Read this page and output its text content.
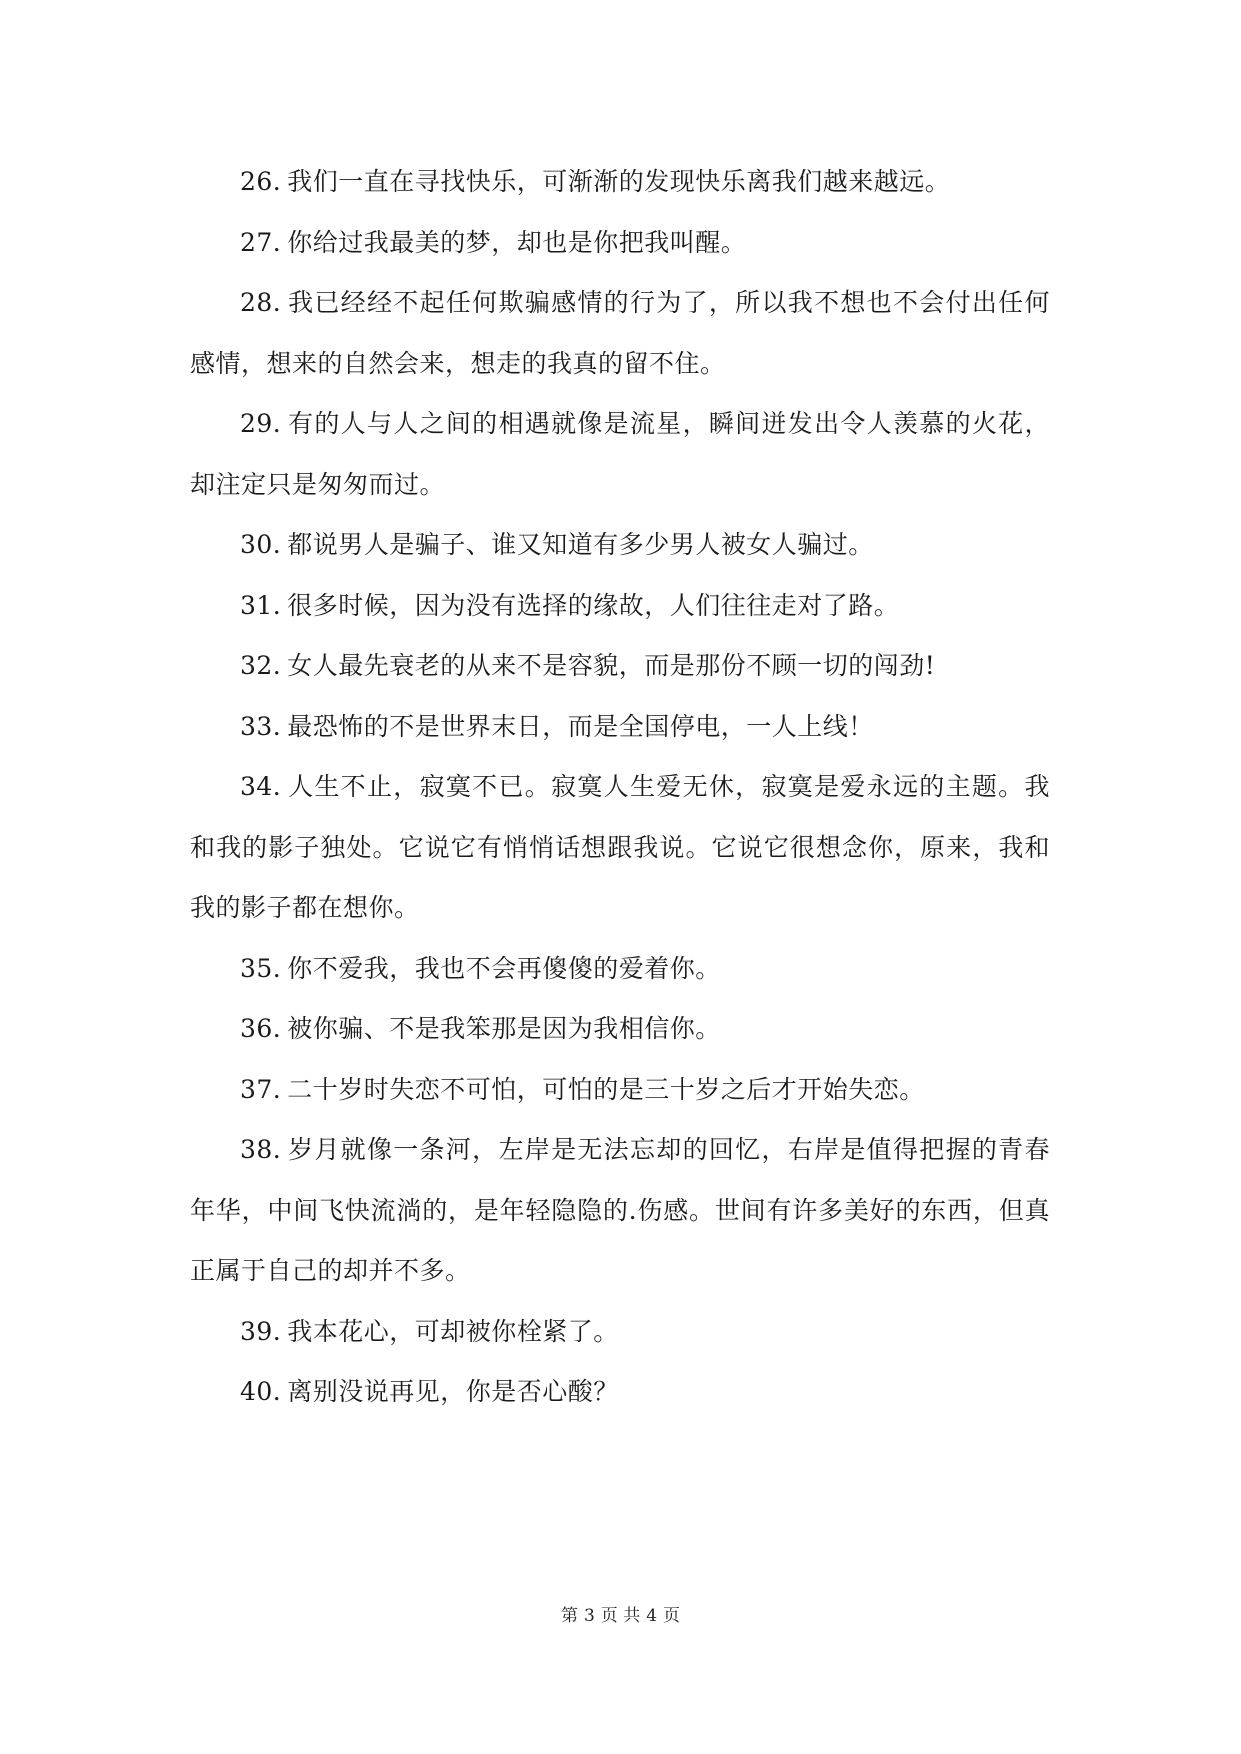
26. 我们一直在寻找快乐，可渐渐的发现快乐离我们越来越远。

27. 你给过我最美的梦，却也是你把我叫醒。

28. 我已经经不起任何欺骗感情的行为了，所以我不想也不会付出任何感情，想来的自然会来，想走的我真的留不住。

29. 有的人与人之间的相遇就像是流星，瞬间迸发出令人羡慕的火花，却注定只是匆匆而过。

30. 都说男人是骗子、谁又知道有多少男人被女人骗过。

31. 很多时候，因为没有选择的缘故，人们往往走对了路。

32. 女人最先衰老的从来不是容貌，而是那份不顾一切的闯劲!

33. 最恐怖的不是世界末日，而是全国停电，一人上线！

34. 人生不止，寂寞不已。寂寞人生爱无休，寂寞是爱永远的主题。我和我的影子独处。它说它有悄悄话想跟我说。它说它很想念你，原来，我和我的影子都在想你。

35. 你不爱我，我也不会再傻傻的爱着你。

36. 被你骗、不是我笨那是因为我相信你。

37. 二十岁时失恋不可怕，可怕的是三十岁之后才开始失恋。

38. 岁月就像一条河，左岸是无法忘却的回忆，右岸是值得把握的青春年华，中间飞快流淌的，是年轻隐隐的.伤感。世间有许多美好的东西，但真正属于自己的却并不多。

39. 我本花心，可却被你栓紧了。

40. 离别没说再见，你是否心酸？

第 3 页 共 4 页
